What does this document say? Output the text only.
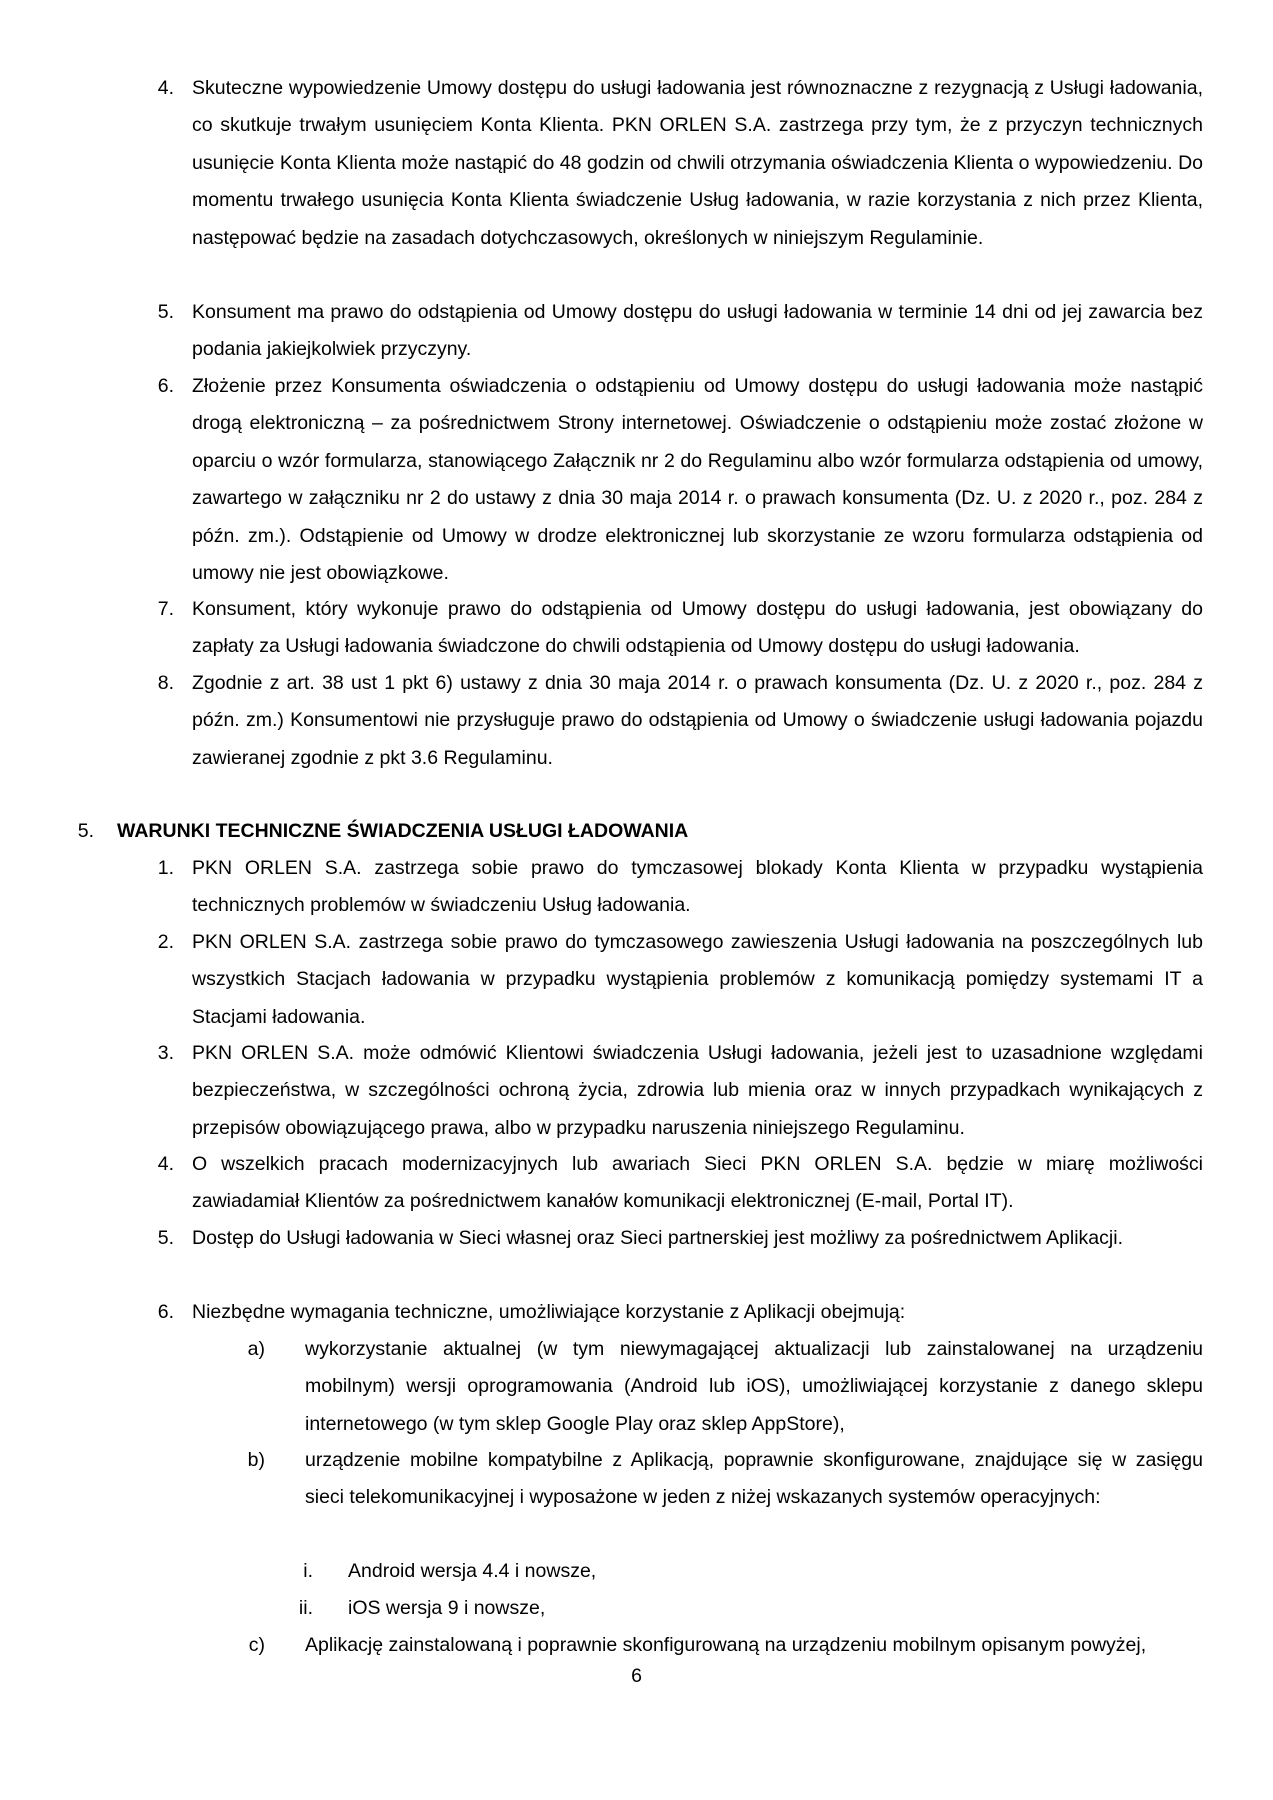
4. Skuteczne wypowiedzenie Umowy dostępu do usługi ładowania jest równoznaczne z rezygnacją z Usługi ładowania, co skutkuje trwałym usunięciem Konta Klienta. PKN ORLEN S.A. zastrzega przy tym, że z przyczyn technicznych usunięcie Konta Klienta może nastąpić do 48 godzin od chwili otrzymania oświadczenia Klienta o wypowiedzeniu. Do momentu trwałego usunięcia Konta Klienta świadczenie Usług ładowania, w razie korzystania z nich przez Klienta, następować będzie na zasadach dotychczasowych, określonych w niniejszym Regulaminie.
5. Konsument ma prawo do odstąpienia od Umowy dostępu do usługi ładowania w terminie 14 dni od jej zawarcia bez podania jakiejkolwiek przyczyny.
6. Złożenie przez Konsumenta oświadczenia o odstąpieniu od Umowy dostępu do usługi ładowania może nastąpić drogą elektroniczną – za pośrednictwem Strony internetowej. Oświadczenie o odstąpieniu może zostać złożone w oparciu o wzór formularza, stanowiącego Załącznik nr 2 do Regulaminu albo wzór formularza odstąpienia od umowy, zawartego w załączniku nr 2 do ustawy z dnia 30 maja 2014 r. o prawach konsumenta (Dz. U. z 2020 r., poz. 284 z późn. zm.). Odstąpienie od Umowy w drodze elektronicznej lub skorzystanie ze wzoru formularza odstąpienia od umowy nie jest obowiązkowe.
7. Konsument, który wykonuje prawo do odstąpienia od Umowy dostępu do usługi ładowania, jest obowiązany do zapłaty za Usługi ładowania świadczone do chwili odstąpienia od Umowy dostępu do usługi ładowania.
8. Zgodnie z art. 38 ust 1 pkt 6) ustawy z dnia 30 maja 2014 r. o prawach konsumenta (Dz. U. z 2020 r., poz. 284 z późn. zm.) Konsumentowi nie przysługuje prawo do odstąpienia od Umowy o świadczenie usługi ładowania pojazdu zawieranej zgodnie z pkt 3.6 Regulaminu.
5. WARUNKI TECHNICZNE ŚWIADCZENIA USŁUGI ŁADOWANIA
1. PKN ORLEN S.A. zastrzega sobie prawo do tymczasowej blokady Konta Klienta w przypadku wystąpienia technicznych problemów w świadczeniu Usług ładowania.
2. PKN ORLEN S.A. zastrzega sobie prawo do tymczasowego zawieszenia Usługi ładowania na poszczególnych lub wszystkich Stacjach ładowania w przypadku wystąpienia problemów z komunikacją pomiędzy systemami IT a Stacjami ładowania.
3. PKN ORLEN S.A. może odmówić Klientowi świadczenia Usługi ładowania, jeżeli jest to uzasadnione względami bezpieczeństwa, w szczególności ochroną życia, zdrowia lub mienia oraz w innych przypadkach wynikających z przepisów obowiązującego prawa, albo w przypadku naruszenia niniejszego Regulaminu.
4. O wszelkich pracach modernizacyjnych lub awariach Sieci PKN ORLEN S.A. będzie w miarę możliwości zawiadamiał Klientów za pośrednictwem kanałów komunikacji elektronicznej (E-mail, Portal IT).
5. Dostęp do Usługi ładowania w Sieci własnej oraz Sieci partnerskiej jest możliwy za pośrednictwem Aplikacji.
6. Niezbędne wymagania techniczne, umożliwiające korzystanie z Aplikacji obejmują:
a) wykorzystanie aktualnej (w tym niewymagającej aktualizacji lub zainstalowanej na urządzeniu mobilnym) wersji oprogramowania (Android lub iOS), umożliwiającej korzystanie z danego sklepu internetowego (w tym sklep Google Play oraz sklep AppStore),
b) urządzenie mobilne kompatybilne z Aplikacją, poprawnie skonfigurowane, znajdujące się w zasięgu sieci telekomunikacyjnej i wyposażone w jeden z niżej wskazanych systemów operacyjnych:
i. Android wersja 4.4 i nowsze,
ii. iOS wersja 9 i nowsze,
c) Aplikację zainstalowaną i poprawnie skonfigurowaną na urządzeniu mobilnym opisanym powyżej,
6
